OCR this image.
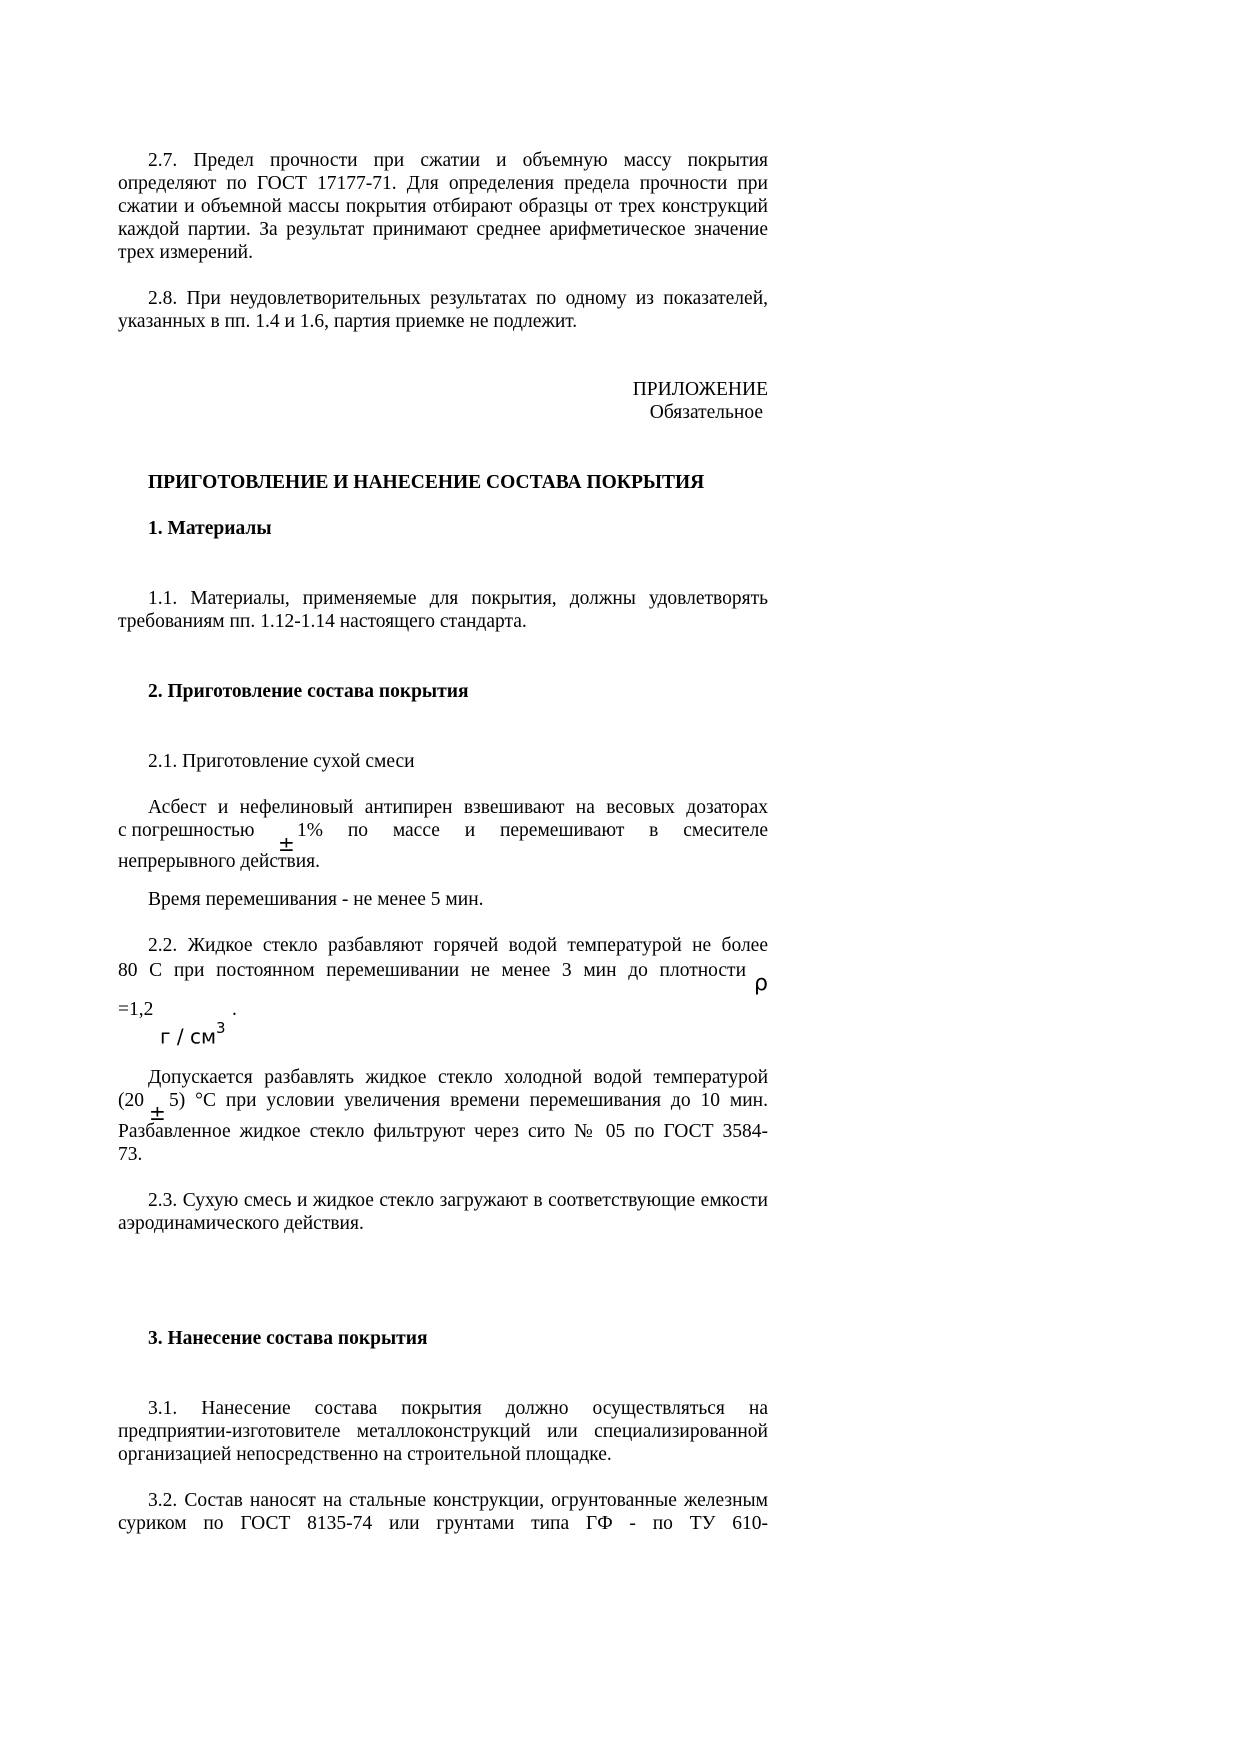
2.7. Предел прочности при сжатии и объемную массу покрытия определяют по ГОСТ 17177-71. Для определения предела прочности при сжатии и объемной массы покрытия отбирают образцы от трех конструкций каждой партии. За результат принимают среднее арифметическое значение трех измерений.

2.8. При неудовлетворительных результатах по одному из показателей, указанных в пп. 1.4 и 1.6, партия приемке не подлежит.

ПРИЛОЖЕНИЕ

Обязательное

ПРИГОТОВЛЕНИЕ И НАНЕСЕНИЕ СОСТАВА ПОКРЫТИЯ

1. Материалы

1.1. Материалы, применяемые для покрытия, должны удовлетворять требованиям пп. 1.12-1.14 настоящего стандарта.

2. Приготовление состава покрытия

2.1. Приготовление сухой смеси

Асбест и нефелиновый антипирен взвешивают на весовых дозаторах
с погрешностью 1% по массе и перемешивают в смесителе
±
непрерывного действия.

Время перемешивания - не менее 5 мин.

2.2. Жидкое стекло разбавляют горячей водой температурой не более
80 С при постоянном перемешивании не менее 3 мин до плотности
ρ
=1,2	.
г / $см^3$
Допускается разбавлять жидкое стекло холодной водой температурой
(20 5) °С при условии увеличения времени перемешивания до 10 мин.
±
Разбавленное жидкое стекло фильтруют через сито № 05 по ГОСТ 3584-
73.

2.3. Сухую смесь и жидкое стекло загружают в соответствующие емкости аэродинамического действия.

3. Нанесение состава покрытия

3.1. Нанесение состава покрытия должно осуществляться на предприятии-изготовителе металлоконструкций или специализированной организацией непосредственно на строительной площадке.

3.2. Состав наносят на стальные конструкции, огрунтованные железным суриком по ГОСТ 8135-74 или грунтами типа ГФ - по ТУ 610-
